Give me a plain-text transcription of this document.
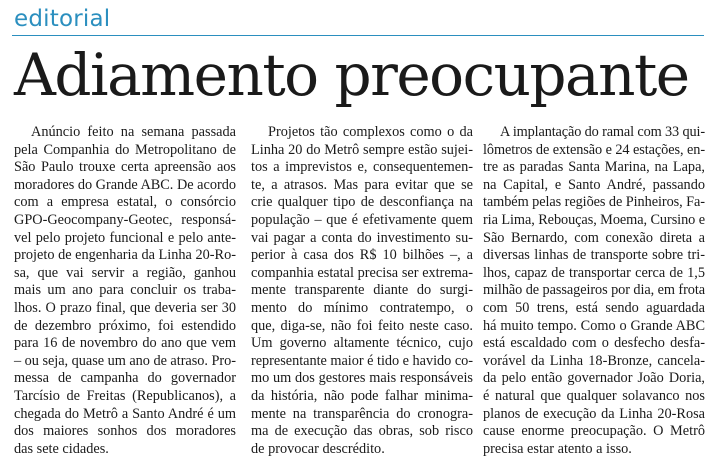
editorial
Adiamento preocupante
Anúncio feito na semana passada
pela Companhia do Metropolitano de
São Paulo trouxe certa apreensão aos
moradores do Grande ABC. De acordo
com a empresa estatal, o consórcio
GPO-Geocompany-Geotec, responsá-
vel pelo projeto funcional e pelo ante-
projeto de engenharia da Linha 20-Ro-
sa, que vai servir a região, ganhou
mais um ano para concluir os traba-
lhos. O prazo final, que deveria ser 30
de dezembro próximo, foi estendido
para 16 de novembro do ano que vem
– ou seja, quase um ano de atraso. Pro-
messa de campanha do governador
Tarcísio de Freitas (Republicanos), a
chegada do Metrô a Santo André é um
dos maiores sonhos dos moradores
das sete cidades.
Projetos tão complexos como o da
Linha 20 do Metrô sempre estão sujei-
tos a imprevistos e, consequentemen-
te, a atrasos. Mas para evitar que se
crie qualquer tipo de desconfiança na
população – que é efetivamente quem
vai pagar a conta do investimento su-
perior à casa dos R$ 10 bilhões –, a
companhia estatal precisa ser extrema-
mente transparente diante do surgi-
mento do mínimo contratempo, o
que, diga-se, não foi feito neste caso.
Um governo altamente técnico, cujo
representante maior é tido e havido co-
mo um dos gestores mais responsáveis
da história, não pode falhar minima-
mente na transparência do cronogra-
ma de execução das obras, sob risco
de provocar descrédito.
A implantação do ramal com 33 qui-
lômetros de extensão e 24 estações, en-
tre as paradas Santa Marina, na Lapa,
na Capital, e Santo André, passando
também pelas regiões de Pinheiros, Fa-
ria Lima, Rebouças, Moema, Cursino e
São Bernardo, com conexão direta a
diversas linhas de transporte sobre tri-
lhos, capaz de transportar cerca de 1,5
milhão de passageiros por dia, em frota
com 50 trens, está sendo aguardada
há muito tempo. Como o Grande ABC
está escaldado com o desfecho desfa-
vorável da Linha 18-Bronze, cancela-
da pelo então governador João Doria,
é natural que qualquer solavanco nos
planos de execução da Linha 20-Rosa
cause enorme preocupação. O Metrô
precisa estar atento a isso.
